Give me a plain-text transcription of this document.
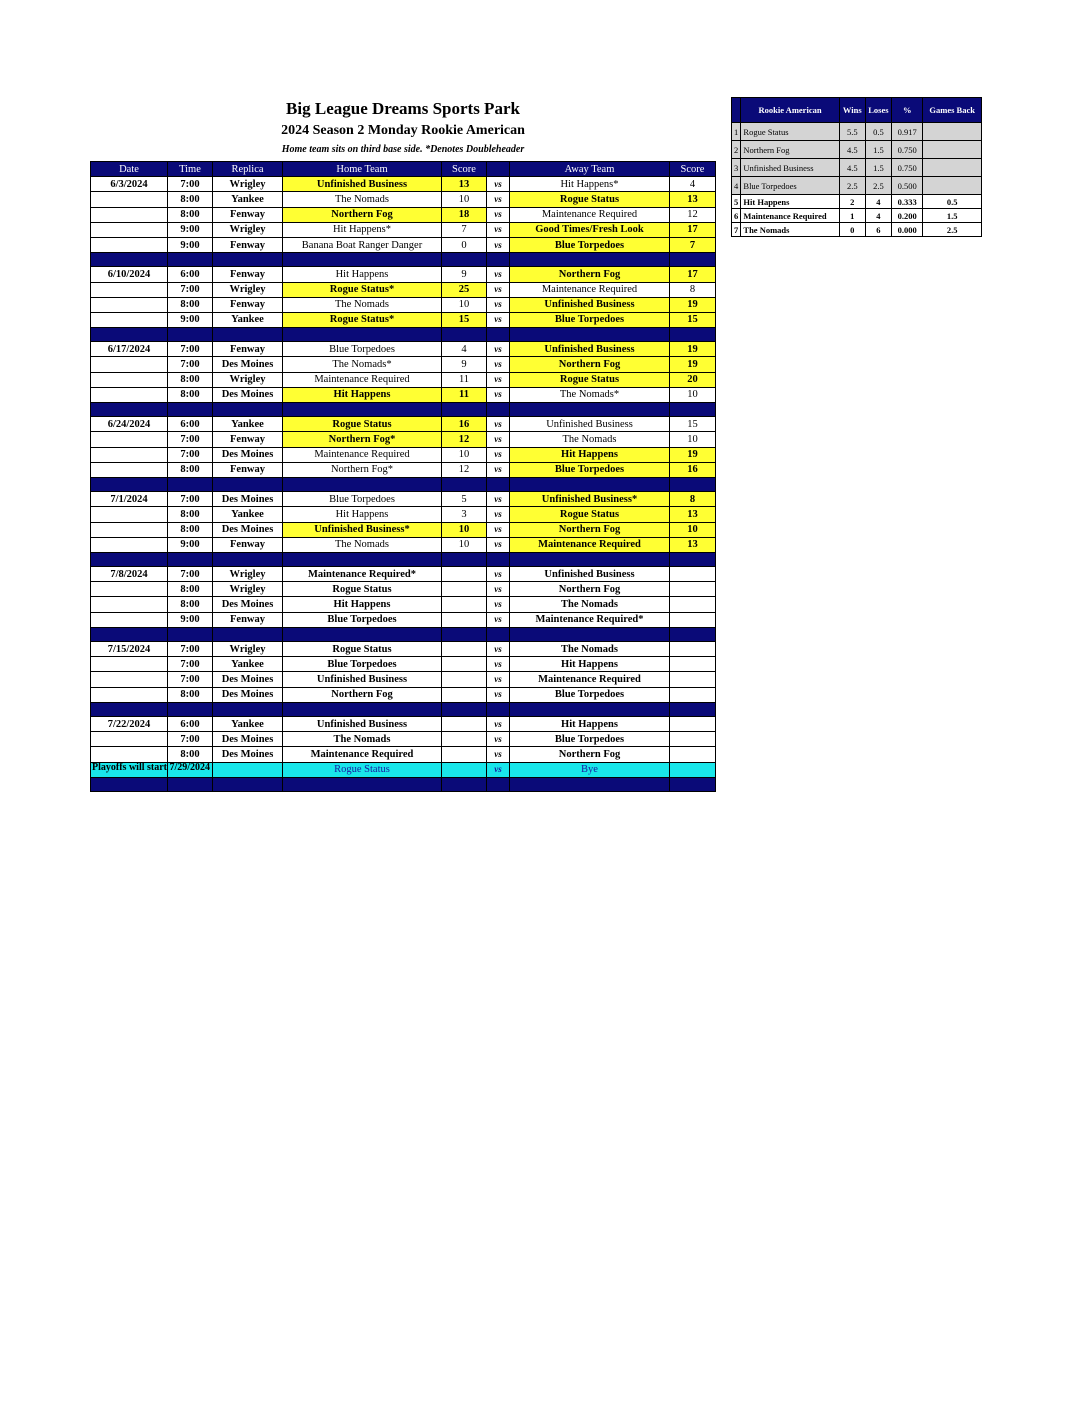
Big League Dreams Sports Park
2024 Season 2 Monday Rookie American
Home team sits on third base side. *Denotes Doubleheader
Date	Time	Replica	Home Team	Score		Away Team	Score
6/3/2024	7:00	Wrigley	Unfinished Business	13	vs	Hit Happens*	4
	8:00	Yankee	The Nomads	10	vs	Rogue Status	13
	8:00	Fenway	Northern Fog	18	vs	Maintenance Required	12
	9:00	Wrigley	Hit Happens*	7	vs	Good Times/Fresh Look	17
	9:00	Fenway	Banana Boat Ranger Danger	0	vs	Blue Torpedoes	7

6/10/2024	6:00	Fenway	Hit Happens	9	vs	Northern Fog	17
	7:00	Wrigley	Rogue Status*	25	vs	Maintenance Required	8
	8:00	Fenway	The Nomads	10	vs	Unfinished Business	19
	9:00	Yankee	Rogue Status*	15	vs	Blue Torpedoes	15

6/17/2024	7:00	Fenway	Blue Torpedoes	4	vs	Unfinished Business	19
	7:00	Des Moines	The Nomads*	9	vs	Northern Fog	19
	8:00	Wrigley	Maintenance Required	11	vs	Rogue Status	20
	8:00	Des Moines	Hit Happens	11	vs	The Nomads*	10

6/24/2024	6:00	Yankee	Rogue Status	16	vs	Unfinished Business	15
	7:00	Fenway	Northern Fog*	12	vs	The Nomads	10
	7:00	Des Moines	Maintenance Required	10	vs	Hit Happens	19
	8:00	Fenway	Northern Fog*	12	vs	Blue Torpedoes	16

7/1/2024	7:00	Des Moines	Blue Torpedoes	5	vs	Unfinished Business*	8
	8:00	Yankee	Hit Happens	3	vs	Rogue Status	13
	8:00	Des Moines	Unfinished Business*	10	vs	Northern Fog	10
	9:00	Fenway	The Nomads	10	vs	Maintenance Required	13

7/8/2024	7:00	Wrigley	Maintenance Required*		vs	Unfinished Business	
	8:00	Wrigley	Rogue Status		vs	Northern Fog	
	8:00	Des Moines	Hit Happens		vs	The Nomads	
	9:00	Fenway	Blue Torpedoes		vs	Maintenance Required*	

7/15/2024	7:00	Wrigley	Rogue Status		vs	The Nomads	
	7:00	Yankee	Blue Torpedoes		vs	Hit Happens	
	7:00	Des Moines	Unfinished Business		vs	Maintenance Required	
	8:00	Des Moines	Northern Fog		vs	Blue Torpedoes	

7/22/2024	6:00	Yankee	Unfinished Business		vs	Hit Happens	
	7:00	Des Moines	The Nomads		vs	Blue Torpedoes	
	8:00	Des Moines	Maintenance Required		vs	Northern Fog	
			Rogue Status		vs	Bye	

	Rookie American	Wins	Loses	%	Games Back
1	Rogue Status	5.5	0.5	0.917	
2	Northern Fog	4.5	1.5	0.750	
3	Unfinished Business	4.5	1.5	0.750	
4	Blue Torpedoes	2.5	2.5	0.500	
5	Hit Happens	2	4	0.333	0.5
6	Maintenance Required	1	4	0.200	1.5
7	The Nomads	0	6	0.000	2.5
Playoffs will start 7/29/2024
